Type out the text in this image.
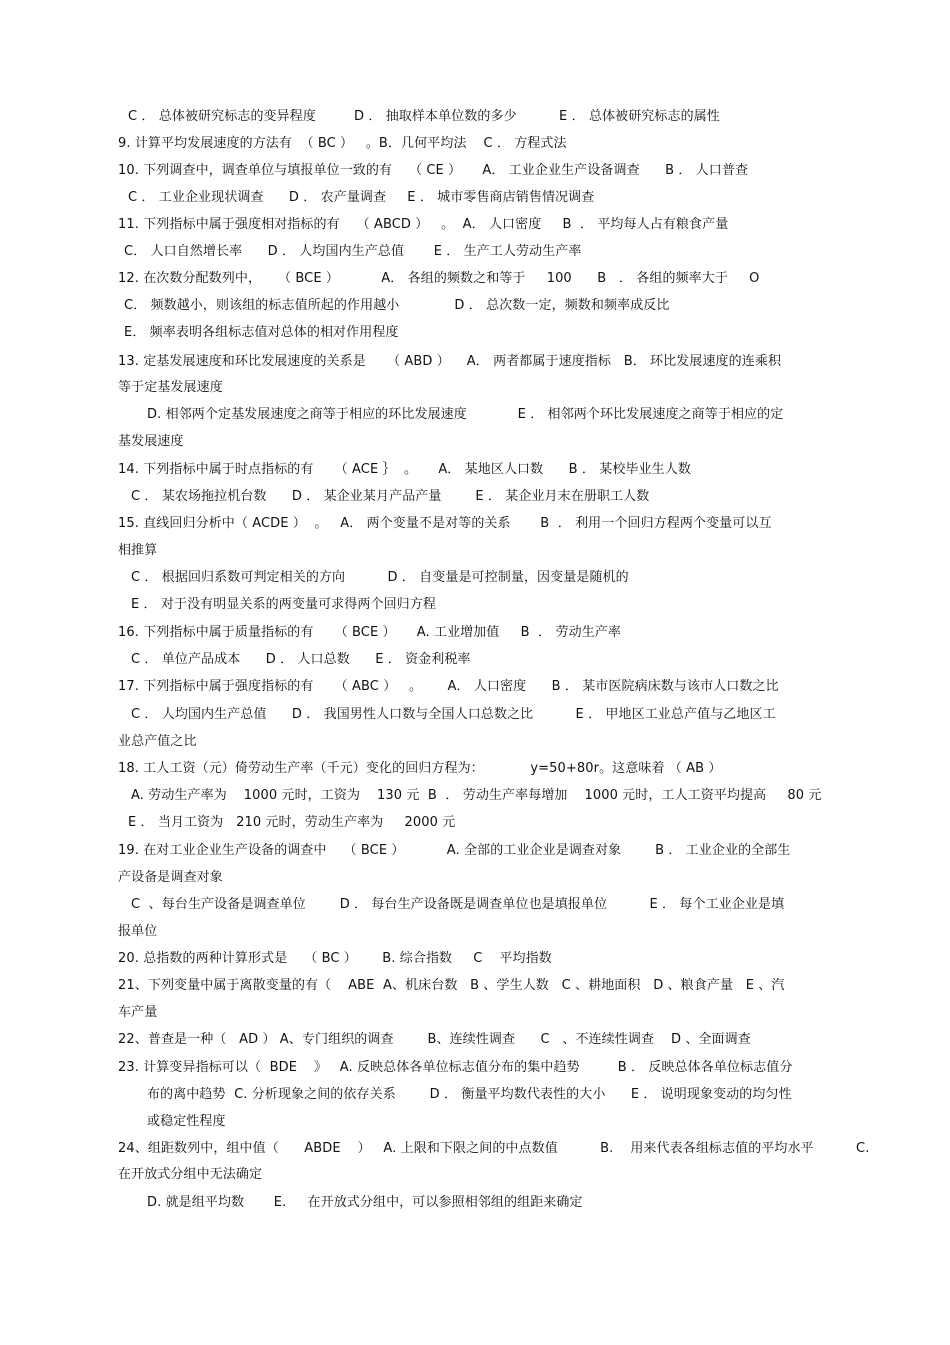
C ． 总体被研究标志的变异程度         D ． 抽取样本单位数的多少          E ． 总体被研究标志的属性
9. 计算平均发展速度的方法有  （ BC ）   。B．几何平均法    C ． 方程式法
10. 下列调查中，调查单位与填报单位一致的有    （ CE ）     A． 工业企业生产设备调查      B ． 人口普查
C ． 工业企业现状调查      D ． 农产量调查     E ． 城市零售商店销售情况调查
11. 下列指标中属于强度相对指标的有    （ ABCD ）   。  A． 人口密度     B  ． 平均每人占有粮食产量
C． 人口自然增长率      D ． 人均国内生产总值       E ． 生产工人劳动生产率
12. 在次数分配数列中，    （ BCE ）          A． 各组的频数之和等于     100      B   ． 各组的频率大于     O
C． 频数越小，则该组的标志值所起的作用越小             D ． 总次数一定，频数和频率成反比
E． 频率表明各组标志值对总体的相对作用程度
13. 定基发展速度和环比发展速度的关系是     （ ABD ）    A． 两者都属于速度指标   B． 环比发展速度的连乘积
等于定基发展速度
D. 相邻两个定基发展速度之商等于相应的环比发展速度            E ． 相邻两个环比发展速度之商等于相应的定
基发展速度
14. 下列指标中属于时点指标的有     （ ACE ｝  。     A． 某地区人口数      B ． 某校毕业生人数
C ． 某农场拖拉机台数      D ． 某企业某月产品产量        E ． 某企业月末在册职工人数
15. 直线回归分析中（ ACDE ）  。   A． 两个变量不是对等的关系       B  ． 利用一个回归方程两个变量可以互
相推算
C ． 根据回归系数可判定相关的方向          D ． 自变量是可控制量，因变量是随机的
E ． 对于没有明显关系的两变量可求得两个回归方程
16. 下列指标中属于质量指标的有     （ BCE ）     A. 工业增加值     B  ． 劳动生产率
C ． 单位产品成本      D ． 人口总数      E ． 资金利税率
17. 下列指标中属于强度指标的有     （ ABC ）   。      A． 人口密度      B ． 某市医院病床数与该市人口数之比
C ． 人均国内生产总值      D ． 我国男性人口数与全国人口总数之比          E ． 甲地区工业总产值与乙地区工
业总产值之比
18. 工人工资（元）倚劳动生产率（千元）变化的回归方程为：           y=50+80r。这意味着 （ AB ）
A. 劳动生产率为    1000 元时，工资为    130 元  B  ． 劳动生产率每增加    1000 元时，工人工资平均提高     80 元
E ． 当月工资为   210 元时，劳动生产率为     2000 元
19. 在对工业企业生产设备的调查中    （ BCE ）          A. 全部的工业企业是调查对象        B ． 工业企业的全部生
产设备是调查对象
C  、每台生产设备是调查单位        D ． 每台生产设备既是调查单位也是填报单位          E ． 每个工业企业是填
报单位
20. 总指数的两种计算形式是    （ BC ）      B. 综合指数     C    平均指数
21、下列变量中属于离散变量的有（    ABE  A、机床台数   B 、学生人数   C 、耕地面积   D 、粮食产量   E 、汽
车产量
22、普查是一种（   AD ） A、专门组织的调查        B、连续性调查      C   、不连续性调查    D 、全面调查
23. 计算变异指标可以（  BDE    》   A. 反映总体各单位标志值分布的集中趋势         B ． 反映总体各单位标志值分
布的离中趋势  C. 分析现象之间的依存关系        D ． 衡量平均数代表性的大小      E ． 说明现象变动的均匀性
或稳定性程度
24、组距数列中，组中值（      ABDE    ）   A. 上限和下限之间的中点数值          B.    用来代表各组标志值的平均水平          C.
在开放式分组中无法确定
D. 就是组平均数       E.     在开放式分组中，可以参照相邻组的组距来确定
